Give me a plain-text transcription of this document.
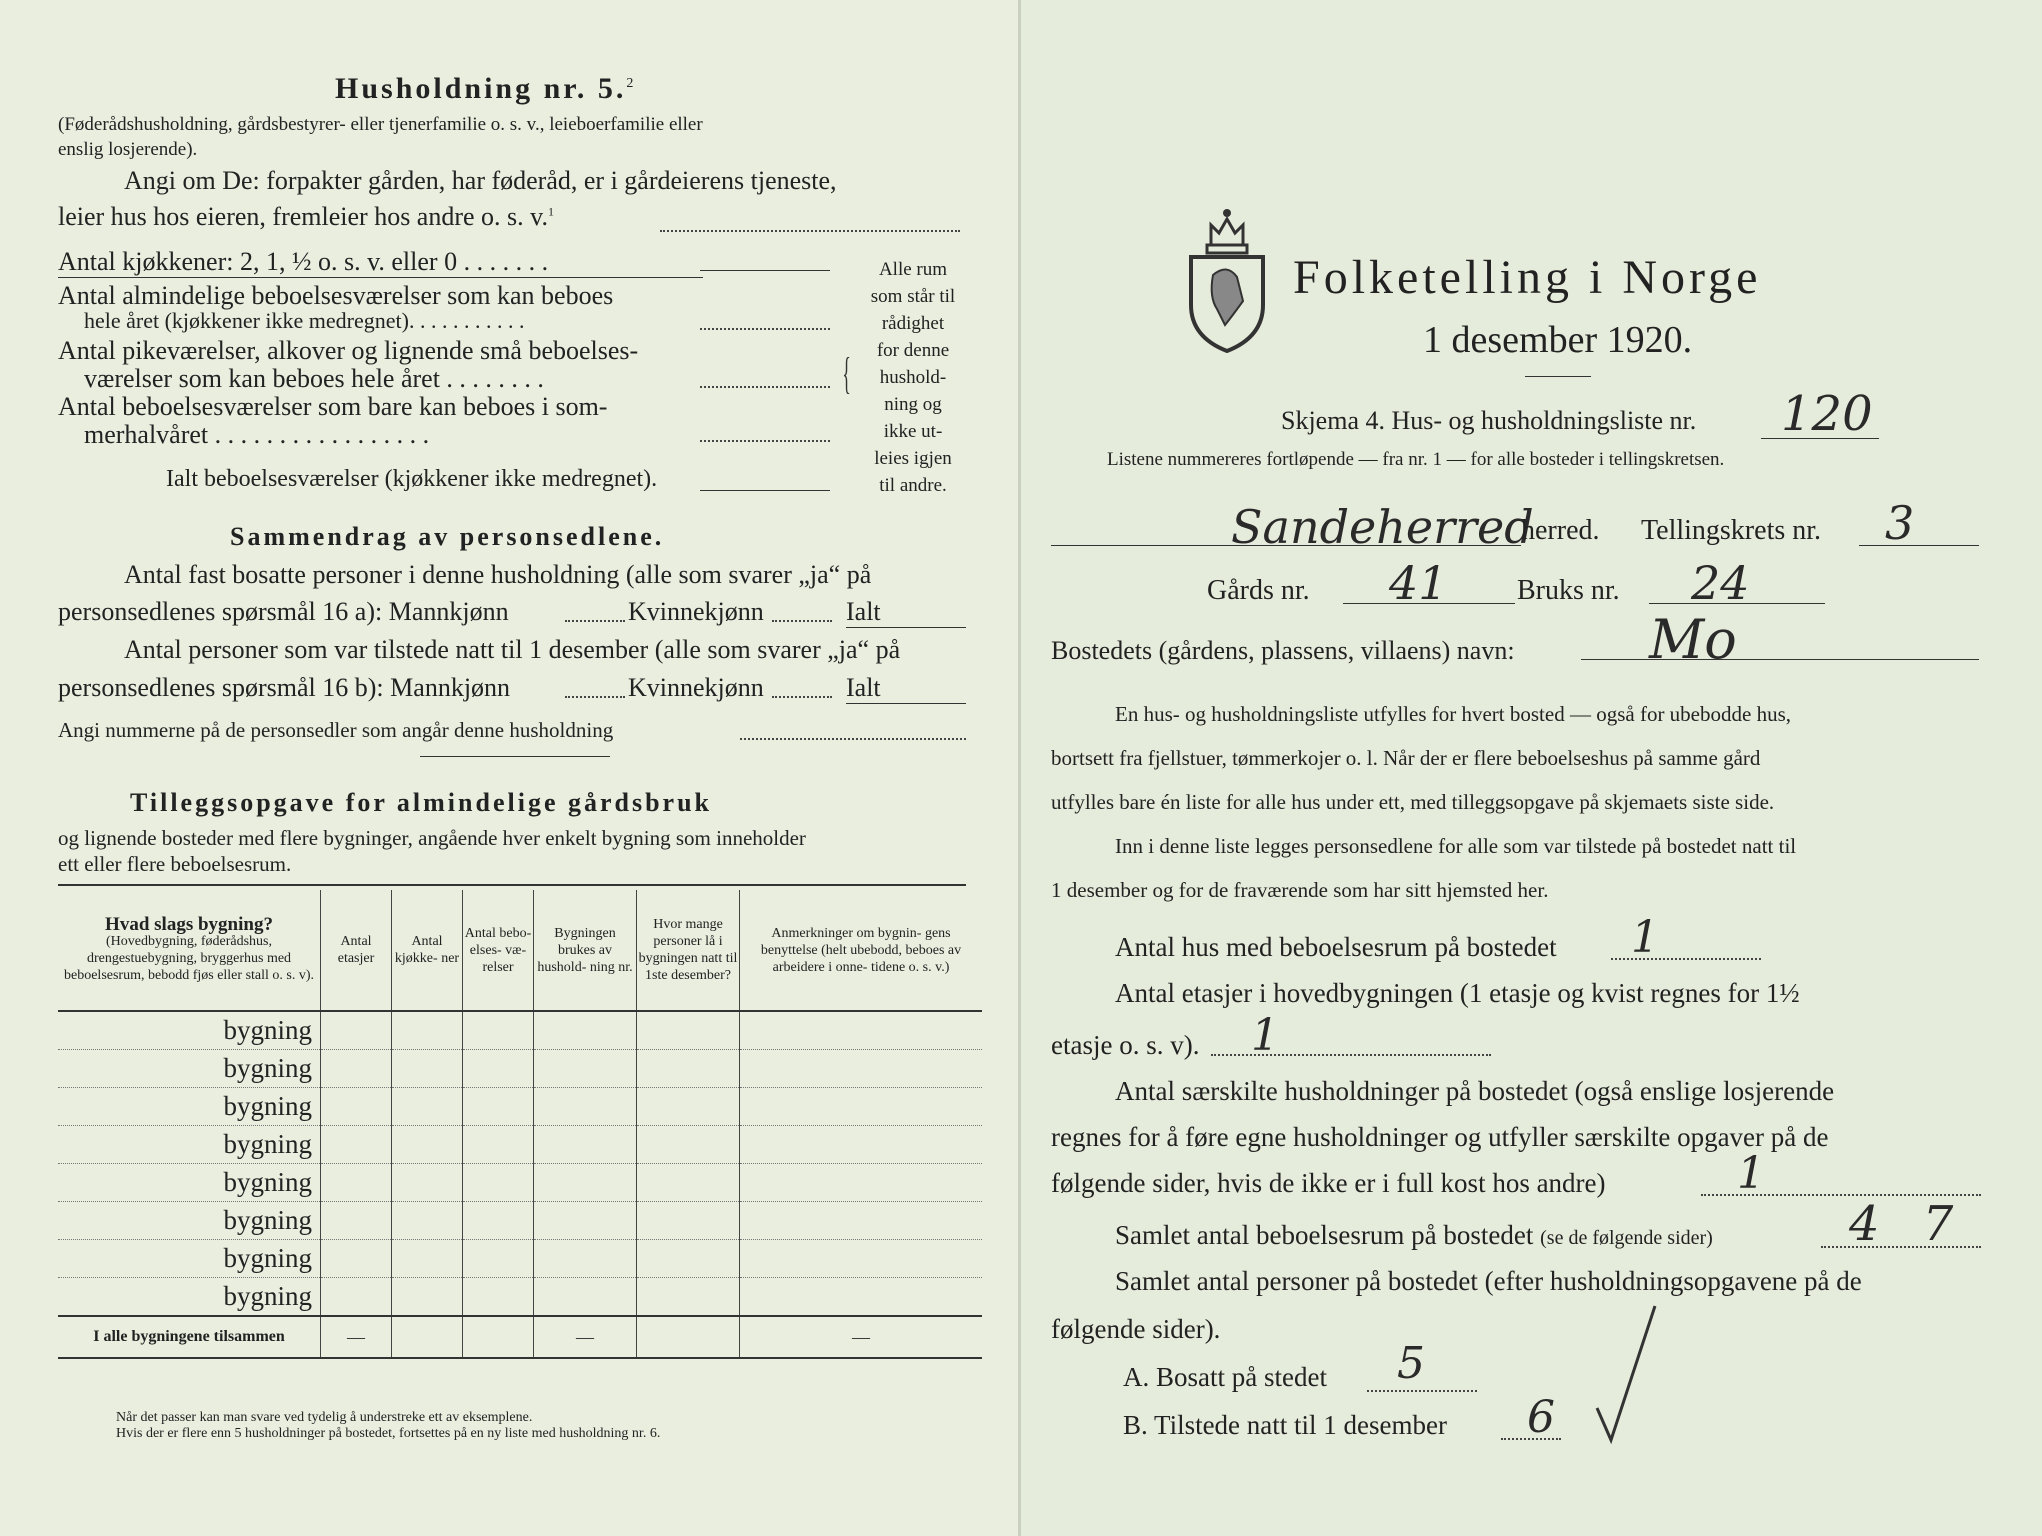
Husholdning nr. 5.$^2$
(Føderådshusholdning, gårdsbestyrer- eller tjenerfamilie o. s. v., leieboerfamilie eller
enslig losjerende).
Angi om De: forpakter gården, har føderåd, er i gårdeierens tjeneste,
leier hus hos eieren, fremleier hos andre o. s. v.$^1$
Antal kjøkkener: 2, 1, ½ o. s. v. eller 0 . . . . . . .
Antal almindelige beboelsesværelser som kan beboes
hele året (kjøkkener ikke medregnet). . . . . . . . . . .
Antal pikeværelser, alkover og lignende små beboelses-
værelser som kan beboes hele året . . . . . . . .
Antal beboelsesværelser som bare kan beboes i som-
merhalvåret . . . . . . . . . . . . . . . . .
Ialt beboelsesværelser (kjøkkener ikke medregnet).
{
Alle rum
som står til
rådighet
for denne
hushold-
ning og
ikke ut-
leies igjen
til andre.
Sammendrag av personsedlene.
Antal fast bosatte personer i denne husholdning (alle som svarer „ja“ på
personsedlenes spørsmål 16 a): Mannkjønn	Kvinnekjønn	Ialt
Antal personer som var tilstede natt til 1 desember (alle som svarer „ja“ på
personsedlenes spørsmål 16 b): Mannkjønn	Kvinnekjønn	Ialt
Angi nummerne på de personsedler som angår denne husholdning
Tilleggsopgave for almindelige gårdsbruk
og lignende bosteder med flere bygninger, angående hver enkelt bygning som inneholder
ett eller flere beboelsesrum.
Hvad slags bygning?
(Hovedbygning, føderådshus, drengestuebygning, bryggerhus med beboelsesrum, bebodd fjøs eller stall o. s. v).	Antal etasjer	Antal kjøkke- ner	Antal bebo- elses- væ- relser	Bygningen brukes av hushold- ning nr.	Hvor mange personer lå i bygningen natt til 1ste desember?	Anmerkninger om bygnin- gens benyttelse (helt ubebodd, beboes av arbeidere i onne- tidene o. s. v.)
bygning						
bygning						
bygning						
bygning						
bygning						
bygning						
bygning						
bygning						
I alle bygningene tilsammen	—			—		—
Når det passer kan man svare ved tydelig å understreke ett av eksemplene.
Hvis der er flere enn 5 husholdninger på bostedet, fortsettes på en ny liste med husholdning nr. 6.
Folketelling i Norge
1 desember 1920.
Skjema 4. Hus- og husholdningsliste nr. 120
Listene nummereres fortløpende — fra nr. 1 — for alle bosteder i tellingskretsen.
Sandeherred
herred. Tellingskrets nr. 3
Gårds nr. 41 Bruks nr. 24
Bostedets (gårdens, plassens, villaens) navn: Mo
En hus- og husholdningsliste utfylles for hvert bosted — også for ubebodde hus,
bortsett fra fjellstuer, tømmerkojer o. l. Når der er flere beboelseshus på samme gård
utfylles bare én liste for alle hus under ett, med tilleggsopgave på skjemaets siste side.
Inn i denne liste legges personsedlene for alle som var tilstede på bostedet natt til
1 desember og for de fraværende som har sitt hjemsted her.
Antal hus med beboelsesrum på bostedet 1
Antal etasjer i hovedbygningen (1 etasje og kvist regnes for 1½
etasje o. s. v). 1
Antal særskilte husholdninger på bostedet (også enslige losjerende
regnes for å føre egne husholdninger og utfyller særskilte opgaver på de
følgende sider, hvis de ikke er i full kost hos andre)	1
Samlet antal beboelsesrum på bostedet (se de følgende sider)	4 7
Samlet antal personer på bostedet (efter husholdningsopgavene på de
følgende sider).
A. Bosatt på stedet 5
B. Tilstede natt til 1 desember 6
